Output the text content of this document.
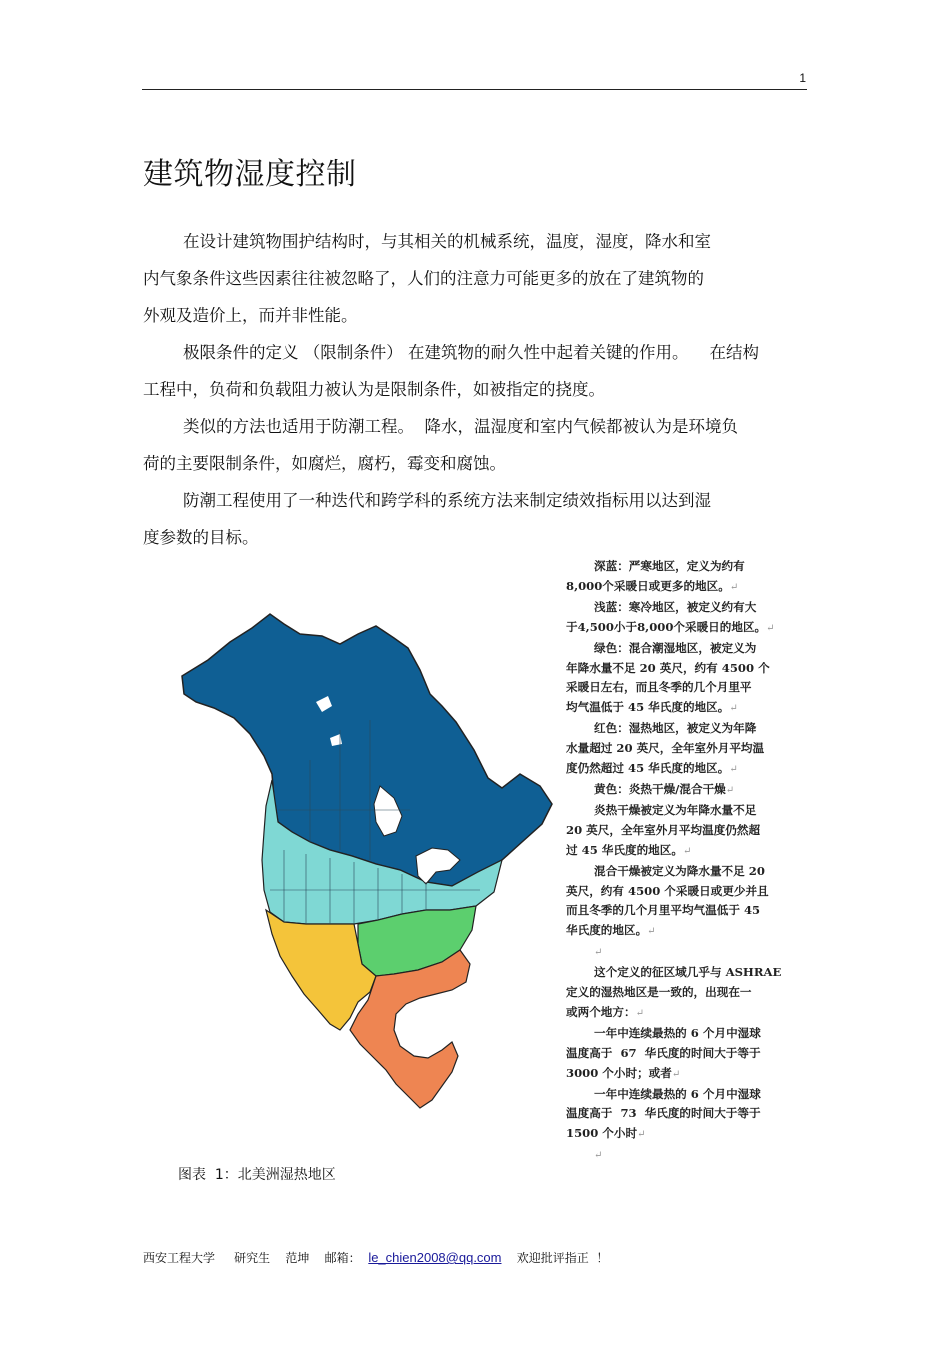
1
建筑物湿度控制
在设计建筑物围护结构时，与其相关的机械系统，温度，湿度，降水和室
内气象条件这些因素往往被忽略了，人们的注意力可能更多的放在了建筑物的
外观及造价上，而并非性能。
极限条件的定义 （限制条件） 在建筑物的耐久性中起着关键的作用。    在结构
工程中，负荷和负载阻力被认为是限制条件，如被指定的挠度。
类似的方法也适用于防潮工程。  降水，温湿度和室内气候都被认为是环境负
荷的主要限制条件，如腐烂，腐朽，霉变和腐蚀。
防潮工程使用了一种迭代和跨学科的系统方法来制定绩效指标用以达到湿
度参数的目标。
深蓝：严寒地区，定义为约有
8,000个采暖日或更多的地区。↵
浅蓝：寒冷地区，被定义约有大
于4,500小于8,000个采暖日的地区。↵
绿色：混合潮湿地区，被定义为
年降水量不足 20 英尺，约有 4500 个
采暖日左右，而且冬季的几个月里平
均气温低于 45 华氏度的地区。↵
红色：湿热地区，被定义为年降
水量超过 20 英尺，全年室外月平均温
度仍然超过 45 华氏度的地区。↵
黄色：炎热干燥/混合干燥↵
炎热干燥被定义为年降水量不足
20 英尺，全年室外月平均温度仍然超
过 45 华氏度的地区。↵
混合干燥被定义为降水量不足 20
英尺，约有 4500 个采暖日或更少并且
而且冬季的几个月里平均气温低于 45
华氏度的地区。↵
↵
这个定义的征区域几乎与 ASHRAE
定义的湿热地区是一致的，出现在一
或两个地方：↵
一年中连续最热的 6 个月中湿球
温度高于  67  华氏度的时间大于等于
3000 个小时；或者↵
一年中连续最热的 6 个月中湿球
温度高于  73  华氏度的时间大于等于
1500 个小时↵
↵
图表  1：北美洲湿热地区
西安工程大学 研究生 范坤 邮箱： le_chien2008@qq.com 欢迎批评指正  ！
